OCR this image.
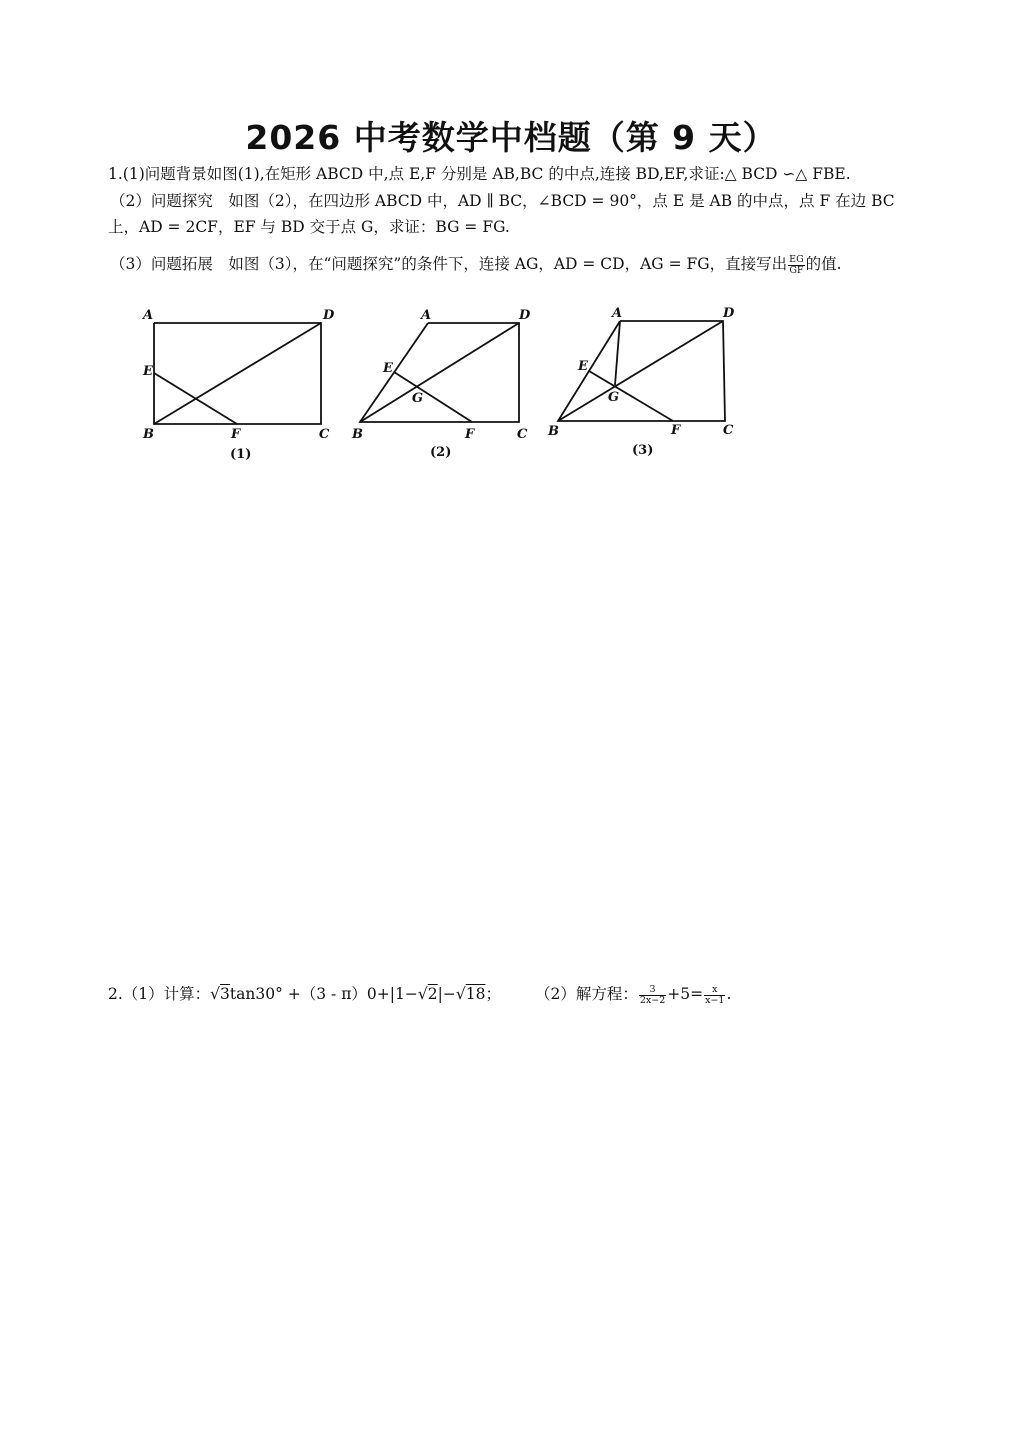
2026 中考数学中档题（第 9 天）
1.(1)问题背景如图(1),在矩形 ABCD 中,点 E,F 分别是 AB,BC 的中点,连接 BD,EF,求证:△ BCD ∽△ FBE.
（2）问题探究　如图（2），在四边形 ABCD 中，AD ∥ BC，∠BCD = 90°，点 E 是 AB 的中点，点 F 在边 BC
上，AD = 2CF，EF 与 BD 交于点 G，求证：BG = FG.
（3）问题拓展　如图（3），在“问题探究”的条件下，连接 AG，AD = CD，AG = FG，直接写出 $\frac{EG}{GF}$ 的值.
A	D
E
B	F	C
A	D
E
G
B	F	C
A	D
E
G
B	F	C
(1)	(2)	(3)
2.（1）计算：√3tan30° +（3 - π）0+|1−√2|−√18； （2）解方程： $\frac{3}{2x-2} +5= \frac{x}{x-1}$ .
